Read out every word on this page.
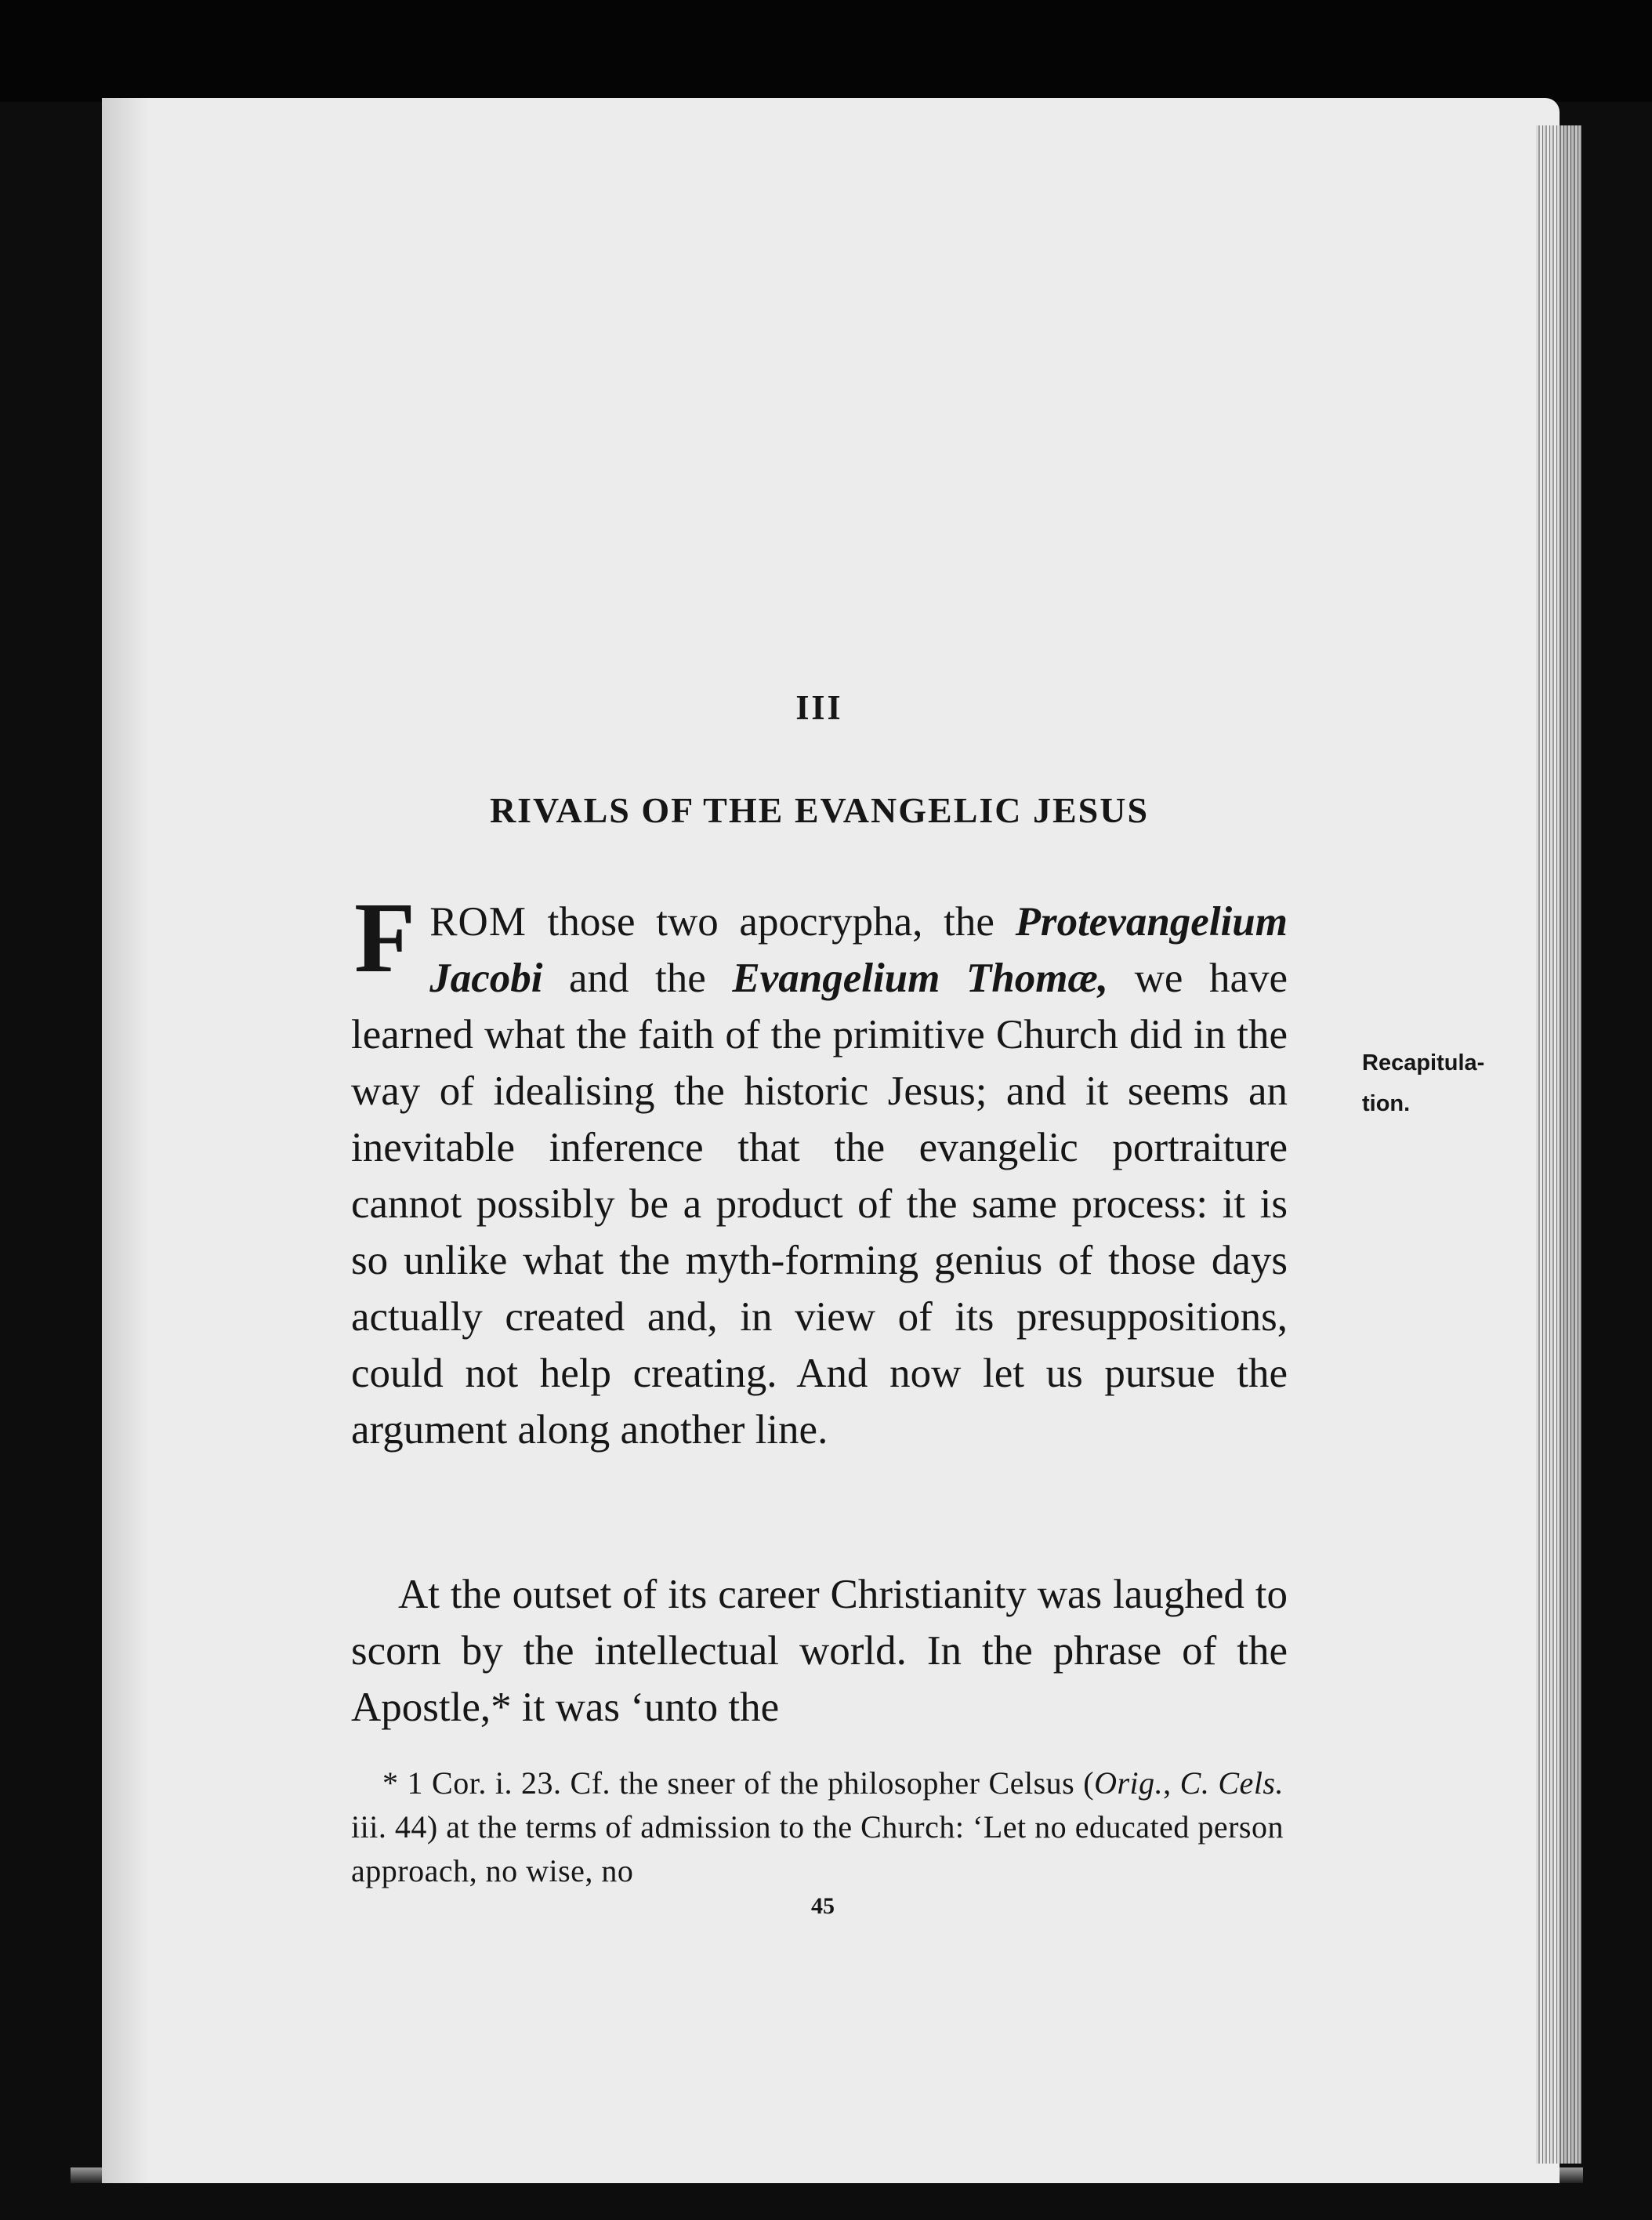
III
RIVALS OF THE EVANGELIC JESUS

FROM those two apocrypha, the Protevangelium Jacobi and the Evangelium Thomæ, we have learned what the faith of the primitive Church did in the way of idealising the historic Jesus; and it seems an inevitable inference that the evangelic portraiture cannot possibly be a product of the same process: it is so unlike what the myth-forming genius of those days actually created and, in view of its presuppositions, could not help creating. And now let us pursue the argument along another line.

Recapitula-
tion.

At the outset of its career Christianity was laughed to scorn by the intellectual world. In the phrase of the Apostle,* it was ‘unto the

* 1 Cor. i. 23. Cf. the sneer of the philosopher Celsus (Orig., C. Cels. iii. 44) at the terms of admission to the Church: ‘Let no educated person approach, no wise, no

45
